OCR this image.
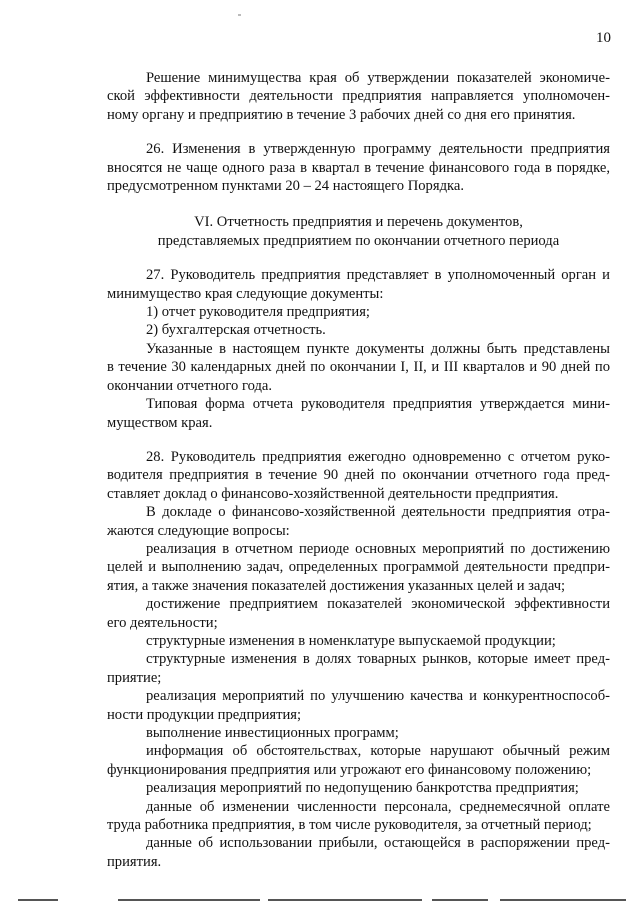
10

Решение минимущества края об утверждении показателей экономиче-

ской эффективности деятельности предприятия направляется уполномочен-

ному органу и предприятию в течение 3 рабочих дней со дня его принятия.

26. Изменения в утвержденную программу деятельности предприятия

вносятся не чаще одного раза в квартал в течение финансового года в порядке,

предусмотренном пунктами 20 – 24 настоящего Порядка.

VI. Отчетность предприятия и перечень документов,

представляемых предприятием по окончании отчетного периода

27. Руководитель предприятия представляет в уполномоченный орган и

минимущество края следующие документы:

1) отчет руководителя предприятия;

2) бухгалтерская отчетность.

Указанные в настоящем пункте документы должны быть представлены

в течение 30 календарных дней по окончании I, II, и III кварталов и 90 дней по

окончании отчетного года.

Типовая форма отчета руководителя предприятия утверждается мини-

муществом края.

28. Руководитель предприятия ежегодно одновременно с отчетом руко-

водителя предприятия в течение 90 дней по окончании отчетного года пред-

ставляет доклад о финансово-хозяйственной деятельности предприятия.

В докладе о финансово-хозяйственной деятельности предприятия отра-

жаются следующие вопросы:

реализация в отчетном периоде основных мероприятий по достижению

целей и выполнению задач, определенных программой деятельности предпри-

ятия, а также значения показателей достижения указанных целей и задач;

достижение предприятием показателей экономической эффективности

его деятельности;

структурные изменения в номенклатуре выпускаемой продукции;

структурные изменения в долях товарных рынков, которые имеет пред-

приятие;

реализация мероприятий по улучшению качества и конкурентноспособ-

ности продукции предприятия;

выполнение инвестиционных программ;

информация об обстоятельствах, которые нарушают обычный режим

функционирования предприятия или угрожают его финансовому положению;

реализация мероприятий по недопущению банкротства предприятия;

данные об изменении численности персонала, среднемесячной оплате

труда работника предприятия, в том числе руководителя, за отчетный период;

данные об использовании прибыли, остающейся в распоряжении пред-

приятия.
